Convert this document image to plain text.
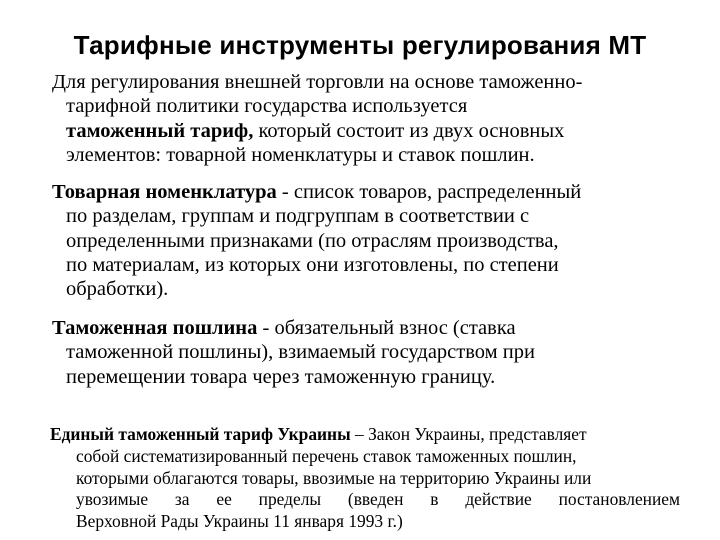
Тарифные инструменты регулирования МТ
Для регулирования внешней торговли на основе таможенно-
тарифной политики государства используется
таможенный тариф, который состоит из двух основных
элементов: товарной номенклатуры и ставок пошлин.
Товарная номенклатура - список товаров, распределенный
по разделам, группам и подгруппам в соответствии с
определенными признаками (по отраслям производства,
по материалам, из которых они изготовлены, по степени
обработки).
Таможенная пошлина - обязательный взнос (ставка
таможенной пошлины), взимаемый государством при
перемещении товара через таможенную границу.
Единый таможенный тариф Украины – Закон Украины, представляет
собой систематизированный перечень ставок таможенных пошлин,
которыми облагаются товары, ввозимые на территорию Украины или
увозимые за ее пределы (введен в действие постановлением
Верховной Рады Украины 11 января 1993 г.)
